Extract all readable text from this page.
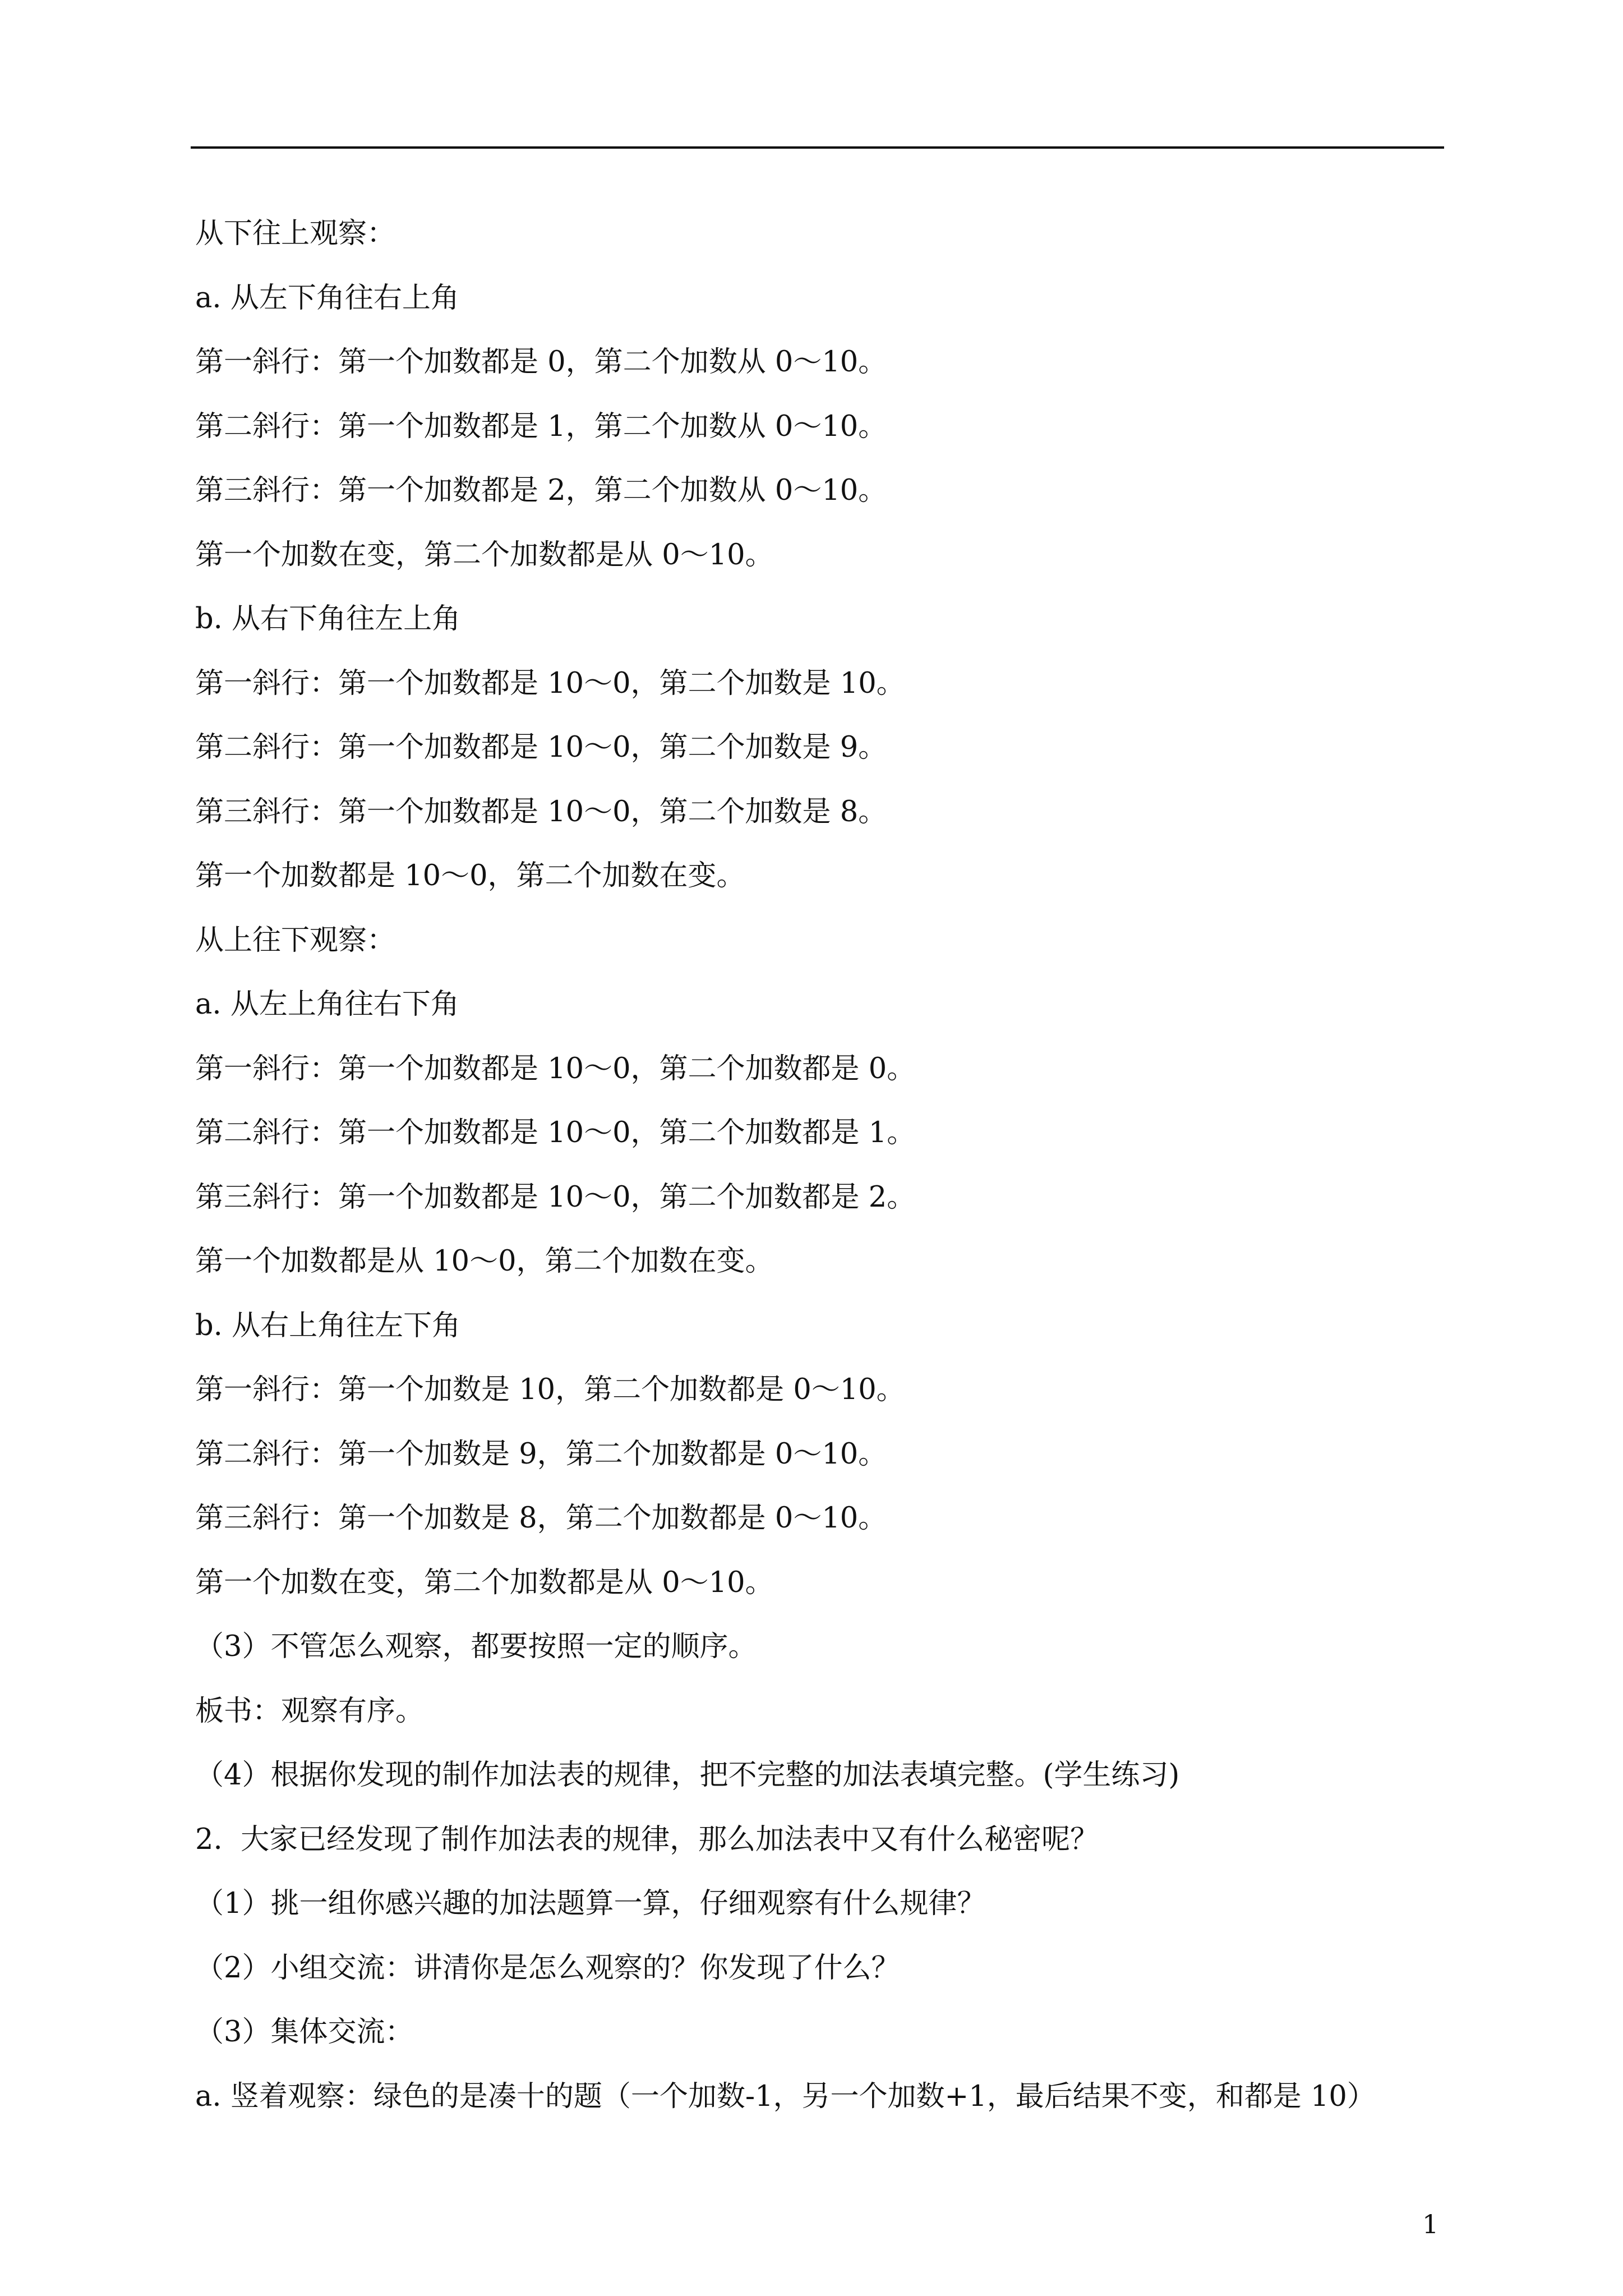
从下往上观察：
a. 从左下角往右上角
第一斜行：第一个加数都是 0，第二个加数从 0～10。
第二斜行：第一个加数都是 1，第二个加数从 0～10。
第三斜行：第一个加数都是 2，第二个加数从 0～10。
第一个加数在变，第二个加数都是从 0～10。
b. 从右下角往左上角
第一斜行：第一个加数都是 10～0，第二个加数是 10。
第二斜行：第一个加数都是 10～0，第二个加数是 9。
第三斜行：第一个加数都是 10～0，第二个加数是 8。
第一个加数都是 10～0，第二个加数在变。
从上往下观察：
a. 从左上角往右下角
第一斜行：第一个加数都是 10～0，第二个加数都是 0。
第二斜行：第一个加数都是 10～0，第二个加数都是 1。
第三斜行：第一个加数都是 10～0，第二个加数都是 2。
第一个加数都是从 10～0，第二个加数在变。
b. 从右上角往左下角
第一斜行：第一个加数是 10，第二个加数都是 0～10。
第二斜行：第一个加数是 9，第二个加数都是 0～10。
第三斜行：第一个加数是 8，第二个加数都是 0～10。
第一个加数在变，第二个加数都是从 0～10。
（3）不管怎么观察，都要按照一定的顺序。
板书：观察有序。
（4）根据你发现的制作加法表的规律，把不完整的加法表填完整。(学生练习)
2.  大家已经发现了制作加法表的规律，那么加法表中又有什么秘密呢？
（1）挑一组你感兴趣的加法题算一算，仔细观察有什么规律？
（2）小组交流：讲清你是怎么观察的？你发现了什么？
（3）集体交流：
a. 竖着观察：绿色的是凑十的题（一个加数-1，另一个加数+1，最后结果不变，和都是 10）
1
